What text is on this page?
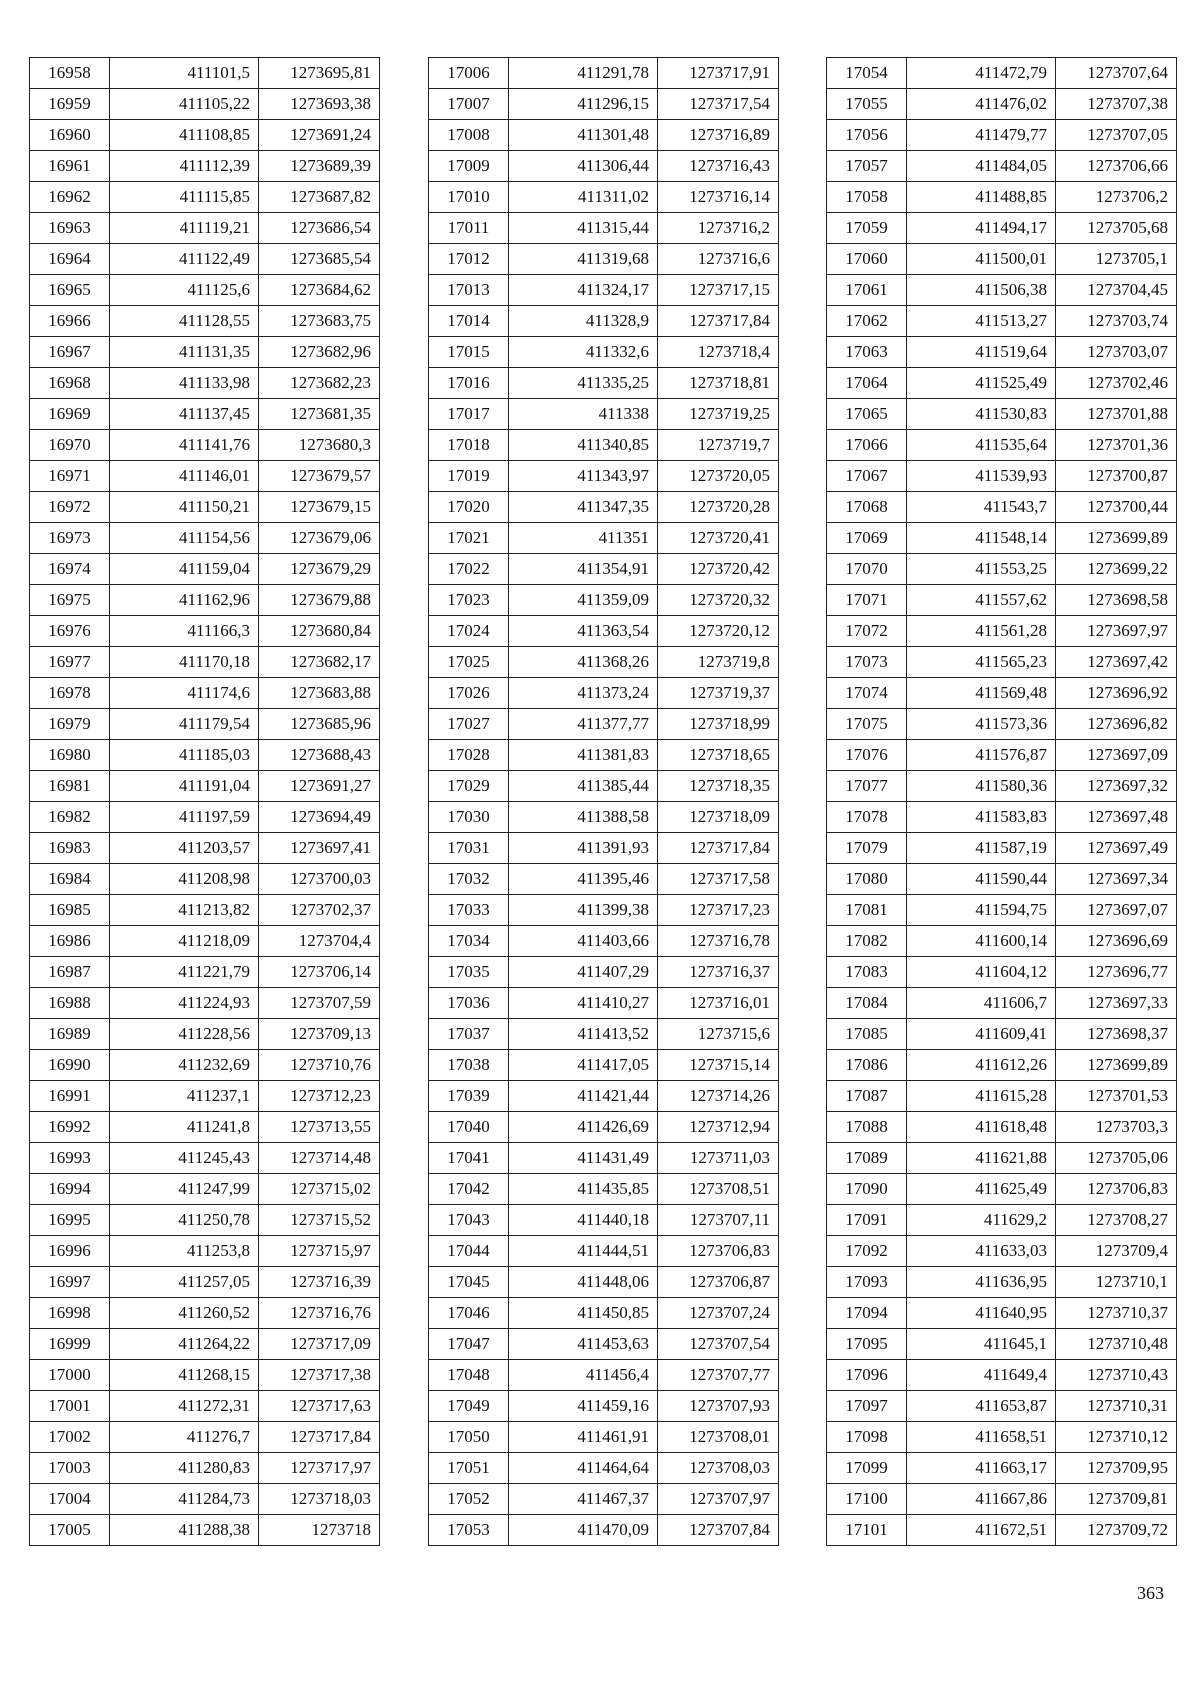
16958	411101,5	1273695,81
16959	411105,22	1273693,38
16960	411108,85	1273691,24
16961	411112,39	1273689,39
16962	411115,85	1273687,82
16963	411119,21	1273686,54
16964	411122,49	1273685,54
16965	411125,6	1273684,62
16966	411128,55	1273683,75
16967	411131,35	1273682,96
16968	411133,98	1273682,23
16969	411137,45	1273681,35
16970	411141,76	1273680,3
16971	411146,01	1273679,57
16972	411150,21	1273679,15
16973	411154,56	1273679,06
16974	411159,04	1273679,29
16975	411162,96	1273679,88
16976	411166,3	1273680,84
16977	411170,18	1273682,17
16978	411174,6	1273683,88
16979	411179,54	1273685,96
16980	411185,03	1273688,43
16981	411191,04	1273691,27
16982	411197,59	1273694,49
16983	411203,57	1273697,41
16984	411208,98	1273700,03
16985	411213,82	1273702,37
16986	411218,09	1273704,4
16987	411221,79	1273706,14
16988	411224,93	1273707,59
16989	411228,56	1273709,13
16990	411232,69	1273710,76
16991	411237,1	1273712,23
16992	411241,8	1273713,55
16993	411245,43	1273714,48
16994	411247,99	1273715,02
16995	411250,78	1273715,52
16996	411253,8	1273715,97
16997	411257,05	1273716,39
16998	411260,52	1273716,76
16999	411264,22	1273717,09
17000	411268,15	1273717,38
17001	411272,31	1273717,63
17002	411276,7	1273717,84
17003	411280,83	1273717,97
17004	411284,73	1273718,03
17005	411288,38	1273718
17006	411291,78	1273717,91
17007	411296,15	1273717,54
17008	411301,48	1273716,89
17009	411306,44	1273716,43
17010	411311,02	1273716,14
17011	411315,44	1273716,2
17012	411319,68	1273716,6
17013	411324,17	1273717,15
17014	411328,9	1273717,84
17015	411332,6	1273718,4
17016	411335,25	1273718,81
17017	411338	1273719,25
17018	411340,85	1273719,7
17019	411343,97	1273720,05
17020	411347,35	1273720,28
17021	411351	1273720,41
17022	411354,91	1273720,42
17023	411359,09	1273720,32
17024	411363,54	1273720,12
17025	411368,26	1273719,8
17026	411373,24	1273719,37
17027	411377,77	1273718,99
17028	411381,83	1273718,65
17029	411385,44	1273718,35
17030	411388,58	1273718,09
17031	411391,93	1273717,84
17032	411395,46	1273717,58
17033	411399,38	1273717,23
17034	411403,66	1273716,78
17035	411407,29	1273716,37
17036	411410,27	1273716,01
17037	411413,52	1273715,6
17038	411417,05	1273715,14
17039	411421,44	1273714,26
17040	411426,69	1273712,94
17041	411431,49	1273711,03
17042	411435,85	1273708,51
17043	411440,18	1273707,11
17044	411444,51	1273706,83
17045	411448,06	1273706,87
17046	411450,85	1273707,24
17047	411453,63	1273707,54
17048	411456,4	1273707,77
17049	411459,16	1273707,93
17050	411461,91	1273708,01
17051	411464,64	1273708,03
17052	411467,37	1273707,97
17053	411470,09	1273707,84
17054	411472,79	1273707,64
17055	411476,02	1273707,38
17056	411479,77	1273707,05
17057	411484,05	1273706,66
17058	411488,85	1273706,2
17059	411494,17	1273705,68
17060	411500,01	1273705,1
17061	411506,38	1273704,45
17062	411513,27	1273703,74
17063	411519,64	1273703,07
17064	411525,49	1273702,46
17065	411530,83	1273701,88
17066	411535,64	1273701,36
17067	411539,93	1273700,87
17068	411543,7	1273700,44
17069	411548,14	1273699,89
17070	411553,25	1273699,22
17071	411557,62	1273698,58
17072	411561,28	1273697,97
17073	411565,23	1273697,42
17074	411569,48	1273696,92
17075	411573,36	1273696,82
17076	411576,87	1273697,09
17077	411580,36	1273697,32
17078	411583,83	1273697,48
17079	411587,19	1273697,49
17080	411590,44	1273697,34
17081	411594,75	1273697,07
17082	411600,14	1273696,69
17083	411604,12	1273696,77
17084	411606,7	1273697,33
17085	411609,41	1273698,37
17086	411612,26	1273699,89
17087	411615,28	1273701,53
17088	411618,48	1273703,3
17089	411621,88	1273705,06
17090	411625,49	1273706,83
17091	411629,2	1273708,27
17092	411633,03	1273709,4
17093	411636,95	1273710,1
17094	411640,95	1273710,37
17095	411645,1	1273710,48
17096	411649,4	1273710,43
17097	411653,87	1273710,31
17098	411658,51	1273710,12
17099	411663,17	1273709,95
17100	411667,86	1273709,81
17101	411672,51	1273709,72
363
